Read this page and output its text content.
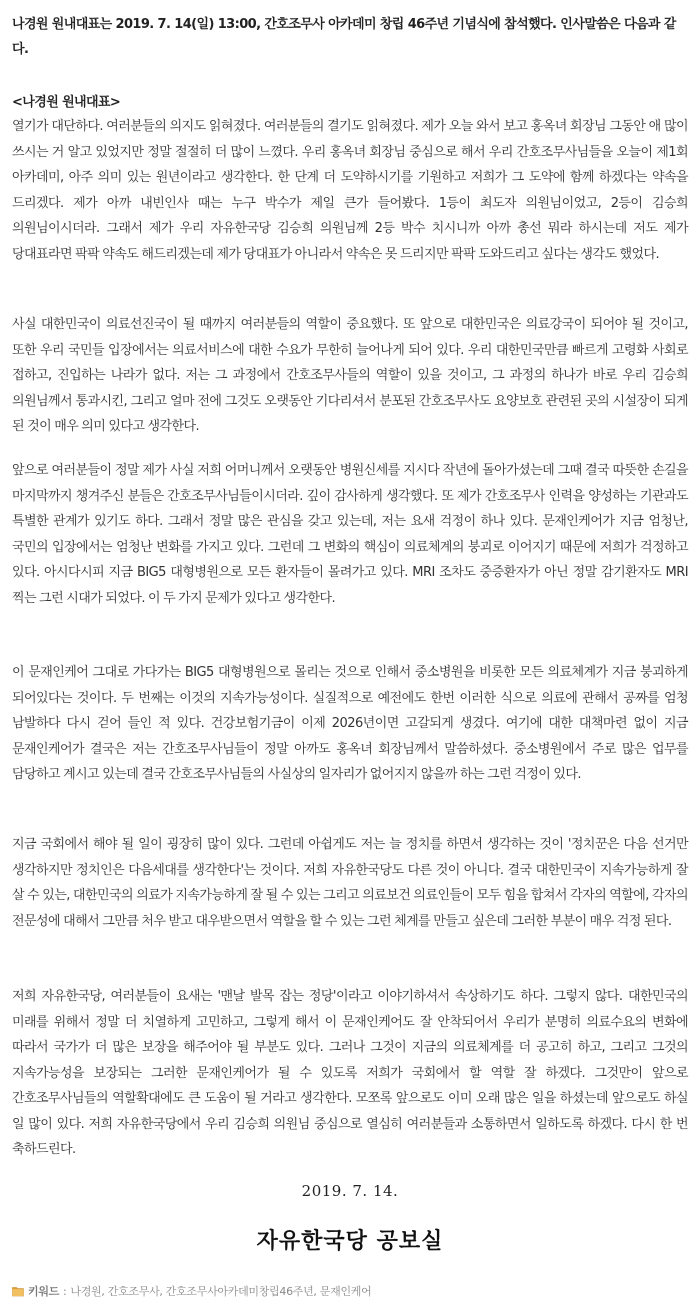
나경원 원내대표는 2019. 7. 14(일) 13:00, 간호조무사 아카데미 창립 46주년 기념식에 참석했다. 인사말씀은 다음과 같다.

<나경원 원내대표>

열기가 대단하다. 여러분들의 의지도 읽혀졌다. 여러분들의 결기도 읽혀졌다. 제가 오늘 와서 보고 홍옥녀 회장님 그동안 애 많이 쓰시는 거 알고 있었지만 정말 절절히 더 많이 느꼈다. 우리 홍옥녀 회장님 중심으로 해서 우리 간호조무사님들을 오늘이 제1회 아카데미, 아주 의미 있는 원년이라고 생각한다. 한 단계 더 도약하시기를 기원하고 저희가 그 도약에 함께 하겠다는 약속을 드리겠다. 제가 아까 내빈인사 때는 누구 박수가 제일 큰가 들어봤다. 1등이 최도자 의원님이었고, 2등이 김승희 의원님이시더라. 그래서 제가 우리 자유한국당 김승희 의원님께 2등 박수 치시니까 아까 총선 뭐라 하시는데 저도 제가 당대표라면 팍팍 약속도 해드리겠는데 제가 당대표가 아니라서 약속은 못 드리지만 팍팍 도와드리고 싶다는 생각도 했었다.

사실 대한민국이 의료선진국이 될 때까지 여러분들의 역할이 중요했다. 또 앞으로 대한민국은 의료강국이 되어야 될 것이고, 또한 우리 국민들 입장에서는 의료서비스에 대한 수요가 무한히 늘어나게 되어 있다. 우리 대한민국만큼 빠르게 고령화 사회로 접하고, 진입하는 나라가 없다. 저는 그 과정에서 간호조무사들의 역할이 있을 것이고, 그 과정의 하나가 바로 우리 김승희 의원님께서 통과시킨, 그리고 얼마 전에 그것도 오랫동안 기다리셔서 분포된 간호조무사도 요양보호 관련된 곳의 시설장이 되게 된 것이 매우 의미 있다고 생각한다.

앞으로 여러분들이 정말 제가 사실 저희 어머니께서 오랫동안 병원신세를 지시다 작년에 돌아가셨는데 그때 결국 따뜻한 손길을 마지막까지 챙겨주신 분들은 간호조무사님들이시더라. 깊이 감사하게 생각했다. 또 제가 간호조무사 인력을 양성하는 기관과도 특별한 관계가 있기도 하다. 그래서 정말 많은 관심을 갖고 있는데, 저는 요새 걱정이 하나 있다. 문재인케어가 지금 엄청난, 국민의 입장에서는 엄청난 변화를 가지고 있다. 그런데 그 변화의 핵심이 의료체계의 붕괴로 이어지기 때문에 저희가 걱정하고 있다. 아시다시피 지금 BIG5 대형병원으로 모든 환자들이 몰려가고 있다. MRI 조차도 중증환자가 아닌 정말 감기환자도 MRI 찍는 그런 시대가 되었다. 이 두 가지 문제가 있다고 생각한다.

이 문재인케어 그대로 가다가는 BIG5 대형병원으로 몰리는 것으로 인해서 중소병원을 비롯한 모든 의료체계가 지금 붕괴하게 되어있다는 것이다. 두 번째는 이것의 지속가능성이다. 실질적으로 예전에도 한번 이러한 식으로 의료에 관해서 공짜를 엄청 남발하다 다시 걷어 들인 적 있다. 건강보험기금이 이제 2026년이면 고갈되게 생겼다. 여기에 대한 대책마련 없이 지금 문재인케어가 결국은 저는 간호조무사님들이 정말 아까도 홍옥녀 회장님께서 말씀하셨다. 중소병원에서 주로 많은 업무를 담당하고 계시고 있는데 결국 간호조무사님들의 사실상의 일자리가 없어지지 않을까 하는 그런 걱정이 있다.

지금 국회에서 해야 될 일이 굉장히 많이 있다. 그런데 아쉽게도 저는 늘 정치를 하면서 생각하는 것이 '정치꾼은 다음 선거만 생각하지만 정치인은 다음세대를 생각한다'는 것이다. 저희 자유한국당도 다른 것이 아니다. 결국 대한민국이 지속가능하게 잘 살 수 있는, 대한민국의 의료가 지속가능하게 잘 될 수 있는 그리고 의료보건 의료인들이 모두 힘을 합쳐서 각자의 역할에, 각자의 전문성에 대해서 그만큼 처우 받고 대우받으면서 역할을 할 수 있는 그런 체계를 만들고 싶은데 그러한 부분이 매우 걱정 된다.

저희 자유한국당, 여러분들이 요새는 '맨날 발목 잡는 정당'이라고 이야기하셔서 속상하기도 하다. 그렇지 않다. 대한민국의 미래를 위해서 정말 더 치열하게 고민하고, 그렇게 해서 이 문재인케어도 잘 안착되어서 우리가 분명히 의료수요의 변화에 따라서 국가가 더 많은 보장을 해주어야 될 부분도 있다. 그러나 그것이 지금의 의료체계를 더 공고히 하고, 그리고 그것의 지속가능성을 보장되는 그러한 문재인케어가 될 수 있도록 저희가 국회에서 할 역할 잘 하겠다. 그것만이 앞으로 간호조무사님들의 역할확대에도 큰 도움이 될 거라고 생각한다. 모쪼록 앞으로도 이미 오래 많은 일을 하셨는데 앞으로도 하실 일 많이 있다. 저희 자유한국당에서 우리 김승희 의원님 중심으로 열심히 여러분들과 소통하면서 일하도록 하겠다. 다시 한 번 축하드린다.

2019. 7. 14.

자유한국당 공보실

키워드 : 나경원, 간호조무사, 간호조무사아카데미창립46주년, 문재인케어
